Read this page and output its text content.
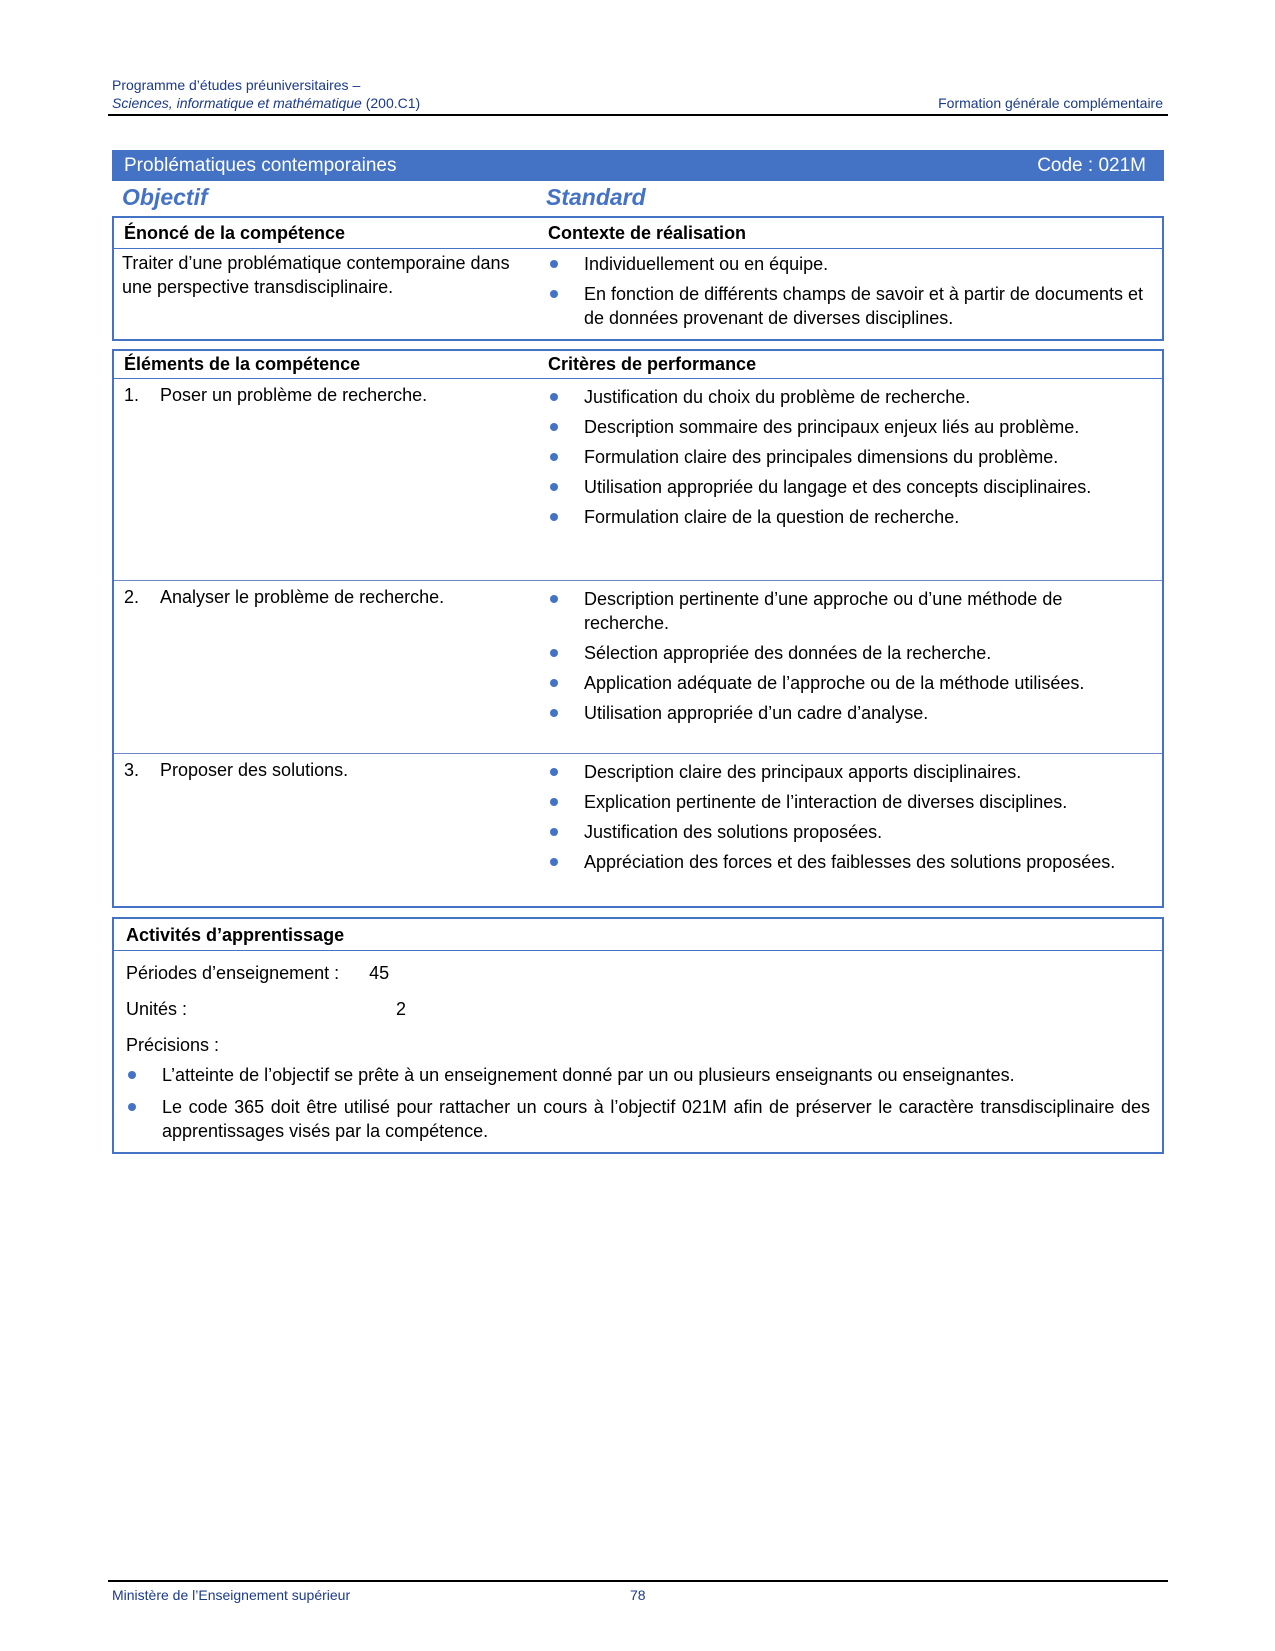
Programme d’études préuniversitaires –
Sciences, informatique et mathématique (200.C1)	Formation générale complémentaire
Problématiques contemporaines	Code : 021M
Objectif	Standard
Énoncé de la compétence	Contexte de réalisation
Traiter d’une problématique contemporaine dans une perspective transdisciplinaire.
Individuellement ou en équipe.
En fonction de différents champs de savoir et à partir de documents et de données provenant de diverses disciplines.
Éléments de la compétence	Critères de performance
1. Poser un problème de recherche.	Justification du choix du problème de recherche.
Description sommaire des principaux enjeux liés au problème.
Formulation claire des principales dimensions du problème.
Utilisation appropriée du langage et des concepts disciplinaires.
Formulation claire de la question de recherche.
2. Analyser le problème de recherche.	Description pertinente d’une approche ou d’une méthode de recherche.
Sélection appropriée des données de la recherche.
Application adéquate de l’approche ou de la méthode utilisées.
Utilisation appropriée d’un cadre d’analyse.
3. Proposer des solutions.	Description claire des principaux apports disciplinaires.
Explication pertinente de l’interaction de diverses disciplines.
Justification des solutions proposées.
Appréciation des forces et des faiblesses des solutions proposées.
Activités d’apprentissage
Périodes d’enseignement : 45
Unités :	2
Précisions :
L’atteinte de l’objectif se prête à un enseignement donné par un ou plusieurs enseignants ou enseignantes.
Le code 365 doit être utilisé pour rattacher un cours à l’objectif 021M afin de préserver le caractère transdisciplinaire des apprentissages visés par la compétence.
Ministère de l’Enseignement supérieur	78
